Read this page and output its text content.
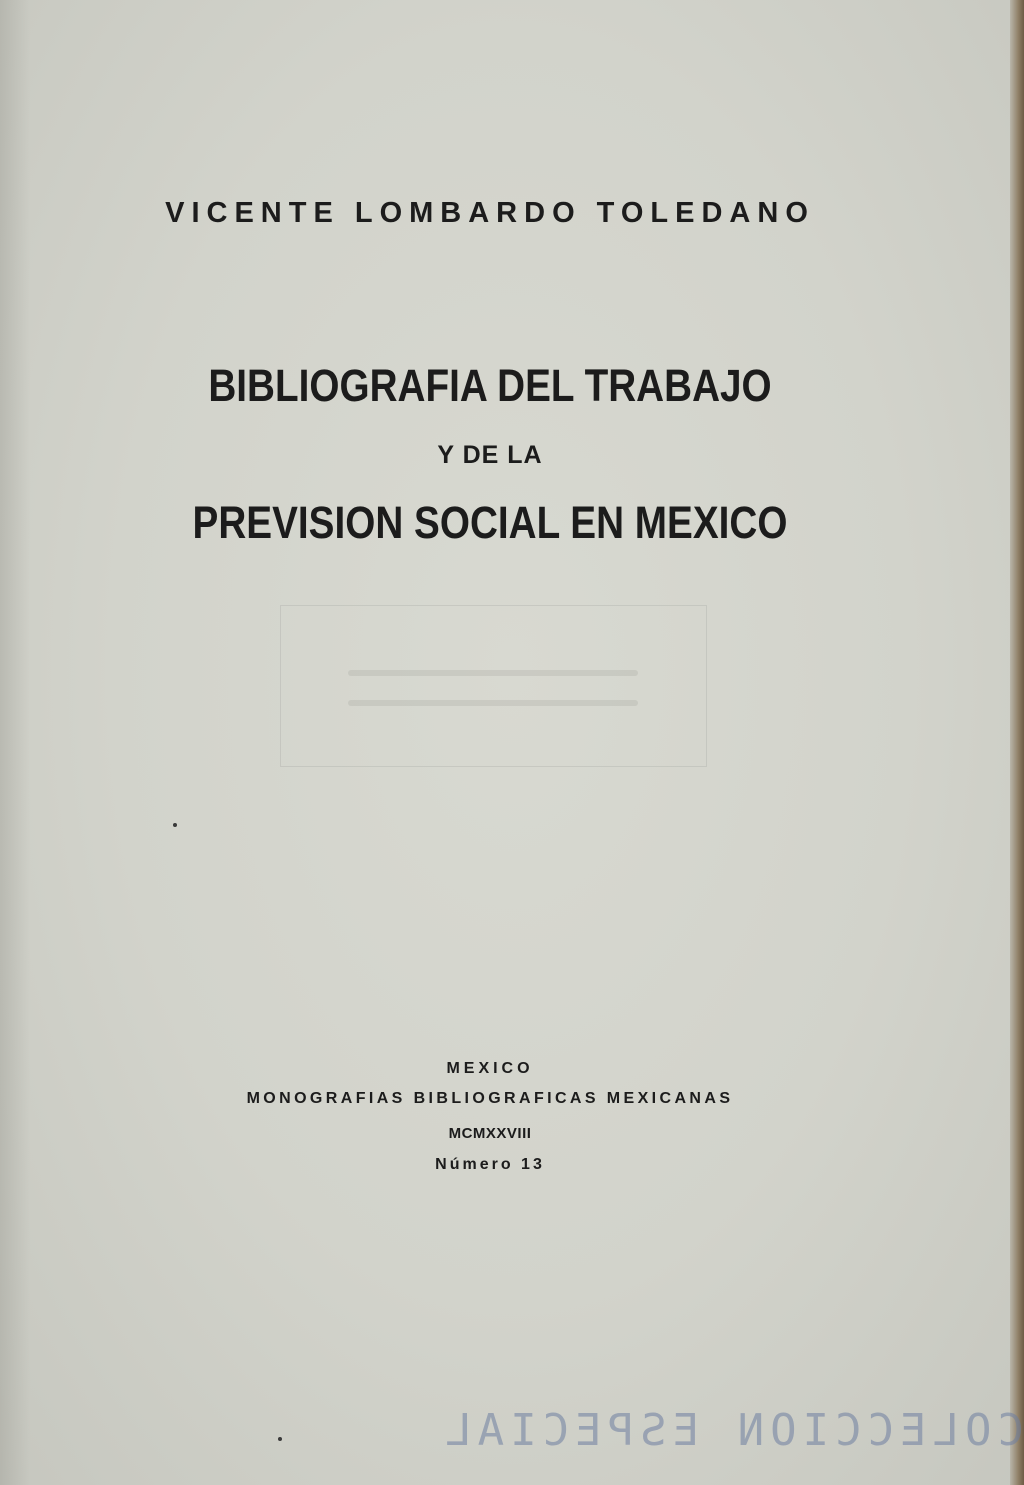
VICENTE LOMBARDO TOLEDANO
BIBLIOGRAFIA DEL TRABAJO
Y DE LA
PREVISION SOCIAL EN MEXICO
MEXICO
MONOGRAFIAS BIBLIOGRAFICAS MEXICANAS
MCMXXVIII
Número 13
COLECCION ESPECIAL
